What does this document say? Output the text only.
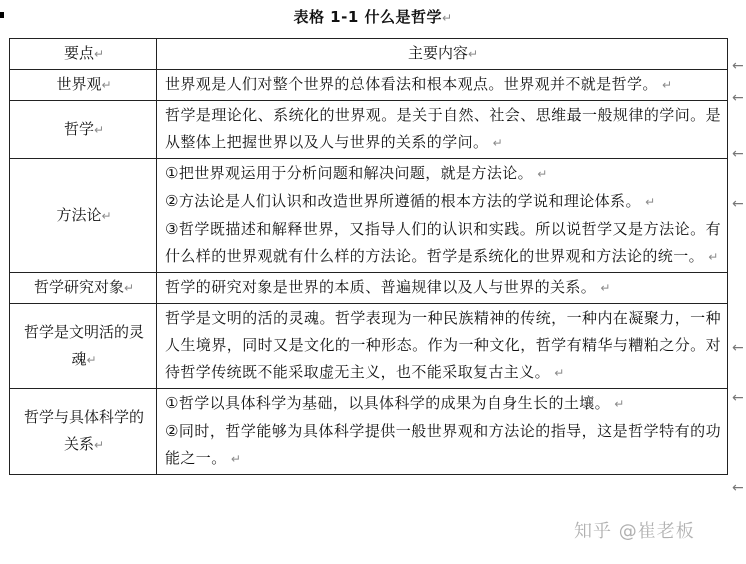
表格 1-1 什么是哲学↵
要点↵	主要内容↵
世界观↵	世界观是人们对整个世界的总体看法和根本观点。世界观并不就是哲学。 ↵

哲学↵	哲学是理论化、系统化的世界观。是关于自然、社会、思维最一般规律的学问。是从整体上把握世界以及人与世界的关系的学问。 ↵

方法论↵	①把世界观运用于分析问题和解决问题，就是方法论。 ↵

②方法论是人们认识和改造世界所遵循的根本方法的学说和理论体系。 ↵

③哲学既描述和解释世界，又指导人们的认识和实践。所以说哲学又是方法论。有什么样的世界观就有什么样的方法论。哲学是系统化的世界观和方法论的统一。 ↵

哲学研究对象↵	哲学的研究对象是世界的本质、普遍规律以及人与世界的关系。 ↵

哲学是文明活的灵魂↵	哲学是文明的活的灵魂。哲学表现为一种民族精神的传统，一种内在凝聚力，一种人生境界，同时又是文化的一种形态。作为一种文化，哲学有精华与糟粕之分。对待哲学传统既不能采取虚无主义，也不能采取复古主义。 ↵

哲学与具体科学的关系↵	①哲学以具体科学为基础，以具体科学的成果为自身生长的土壤。 ↵

②同时，哲学能够为具体科学提供一般世界观和方法论的指导，这是哲学特有的功能之一。 ↵

←
←
←
←
←
←
←
知乎 @崔老板
